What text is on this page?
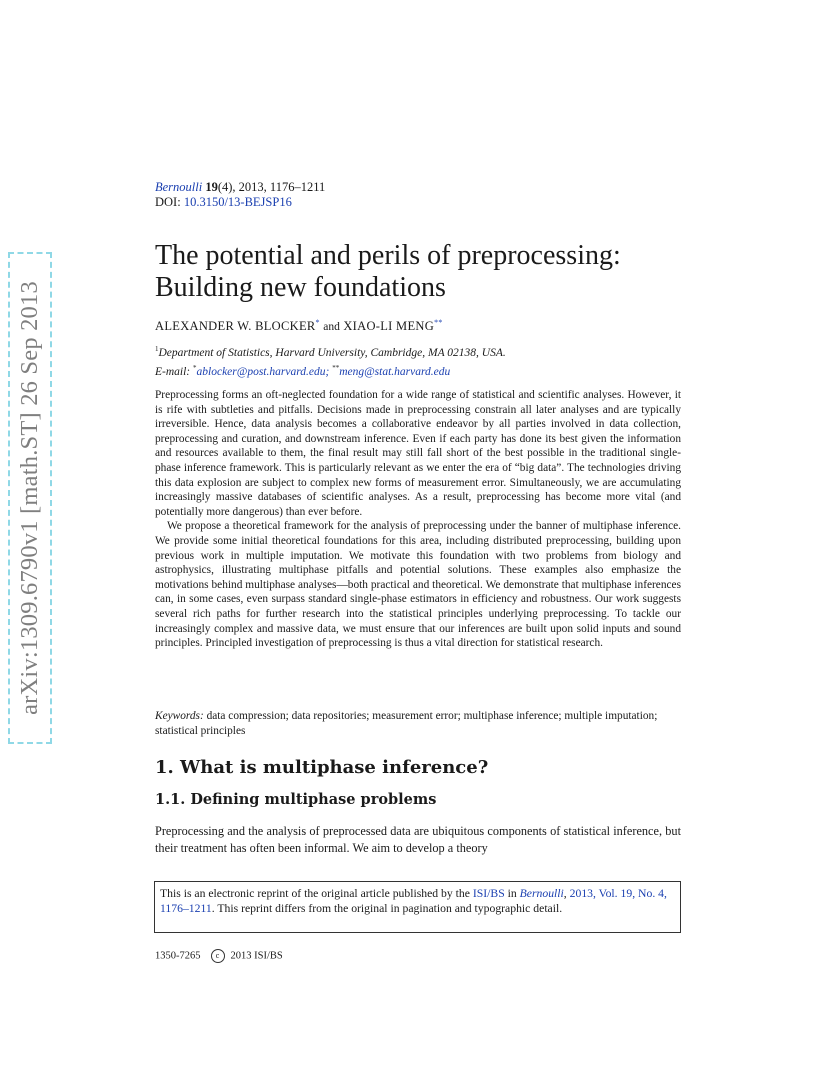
arXiv:1309.6790v1 [math.ST] 26 Sep 2013
Bernoulli 19(4), 2013, 1176–1211
DOI: 10.3150/13-BEJSP16
The potential and perils of preprocessing: Building new foundations
ALEXANDER W. BLOCKER* and XIAO-LI MENG**
$^1$Department of Statistics, Harvard University, Cambridge, MA 02138, USA.
E-mail: *ablocker@post.harvard.edu; **meng@stat.harvard.edu

Preprocessing forms an oft-neglected foundation for a wide range of statistical and scientific analyses. However, it is rife with subtleties and pitfalls. Decisions made in preprocessing constrain all later analyses and are typically irreversible. Hence, data analysis becomes a collaborative endeavor by all parties involved in data collection, preprocessing and curation, and downstream inference. Even if each party has done its best given the information and resources available to them, the final result may still fall short of the best possible in the traditional single-phase inference framework. This is particularly relevant as we enter the era of “big data”. The technologies driving this data explosion are subject to complex new forms of measurement error. Simultaneously, we are accumulating increasingly massive databases of scientific analyses. As a result, preprocessing has become more vital (and potentially more dangerous) than ever before.

We propose a theoretical framework for the analysis of preprocessing under the banner of multiphase inference. We provide some initial theoretical foundations for this area, including distributed preprocessing, building upon previous work in multiple imputation. We motivate this foundation with two problems from biology and astrophysics, illustrating multiphase pitfalls and potential solutions. These examples also emphasize the motivations behind multiphase analyses—both practical and theoretical. We demonstrate that multiphase inferences can, in some cases, even surpass standard single-phase estimators in efficiency and robustness. Our work suggests several rich paths for further research into the statistical principles underlying preprocessing. To tackle our increasingly complex and massive data, we must ensure that our inferences are built upon solid inputs and sound principles. Principled investigation of preprocessing is thus a vital direction for statistical research.

Keywords: data compression; data repositories; measurement error; multiphase inference; multiple imputation; statistical principles
1. What is multiphase inference?
1.1. Defining multiphase problems

Preprocessing and the analysis of preprocessed data are ubiquitous components of statistical inference, but their treatment has often been informal. We aim to develop a theory

This is an electronic reprint of the original article published by the ISI/BS in Bernoulli, 2013, Vol. 19, No. 4, 1176–1211. This reprint differs from the original in pagination and typographic detail.
1350-7265 c 2013 ISI/BS
